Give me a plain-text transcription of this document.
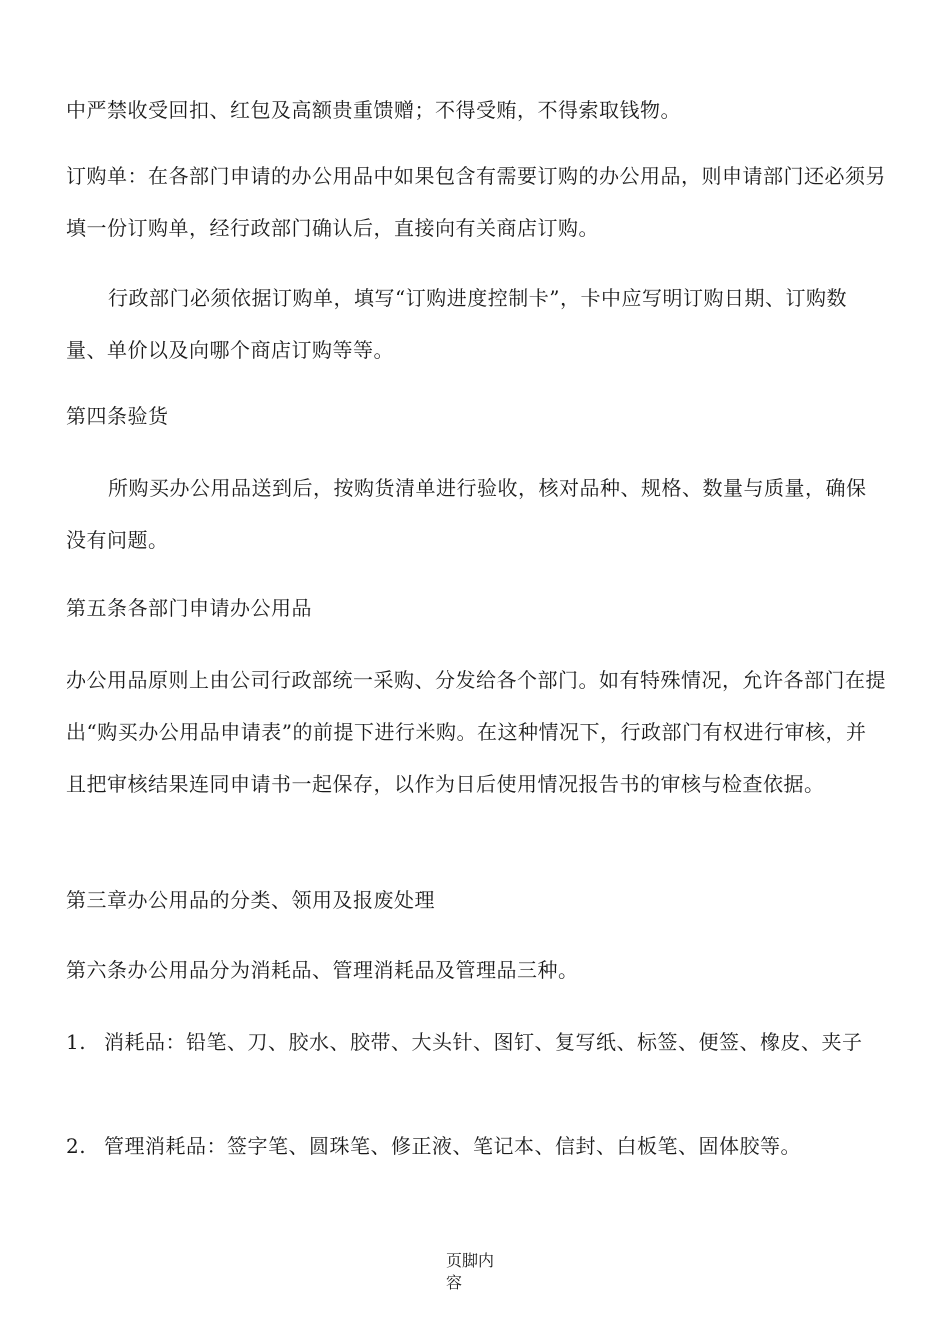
中严禁收受回扣、红包及高额贵重馈赠；不得受贿，不得索取钱物。

订购单：在各部门申请的办公用品中如果包含有需要订购的办公用品，则申请部门还必须另填一份订购单，经行政部门确认后，直接向有关商店订购。

行政部门必须依据订购单，填写“订购进度控制卡”，卡中应写明订购日期、订购数量、单价以及向哪个商店订购等等。

第四条验货

所购买办公用品送到后，按购货清单进行验收，核对品种、规格、数量与质量，确保没有问题。

第五条各部门申请办公用品

办公用品原则上由公司行政部统一采购、分发给各个部门。如有特殊情况，允许各部门在提出“购买办公用品申请表”的前提下进行米购。在这种情况下，行政部门有权进行审核，并且把审核结果连同申请书一起保存，以作为日后使用情况报告书的审核与检查依据。

第三章办公用品的分类、领用及报废处理

第六条办公用品分为消耗品、管理消耗品及管理品三种。

1. 消耗品：铅笔、刀、胶水、胶带、大头针、图钉、复写纸、标签、便签、橡皮、夹子
2. 管理消耗品：签字笔、圆珠笔、修正液、笔记本、信封、白板笔、固体胶等。
页脚内容
